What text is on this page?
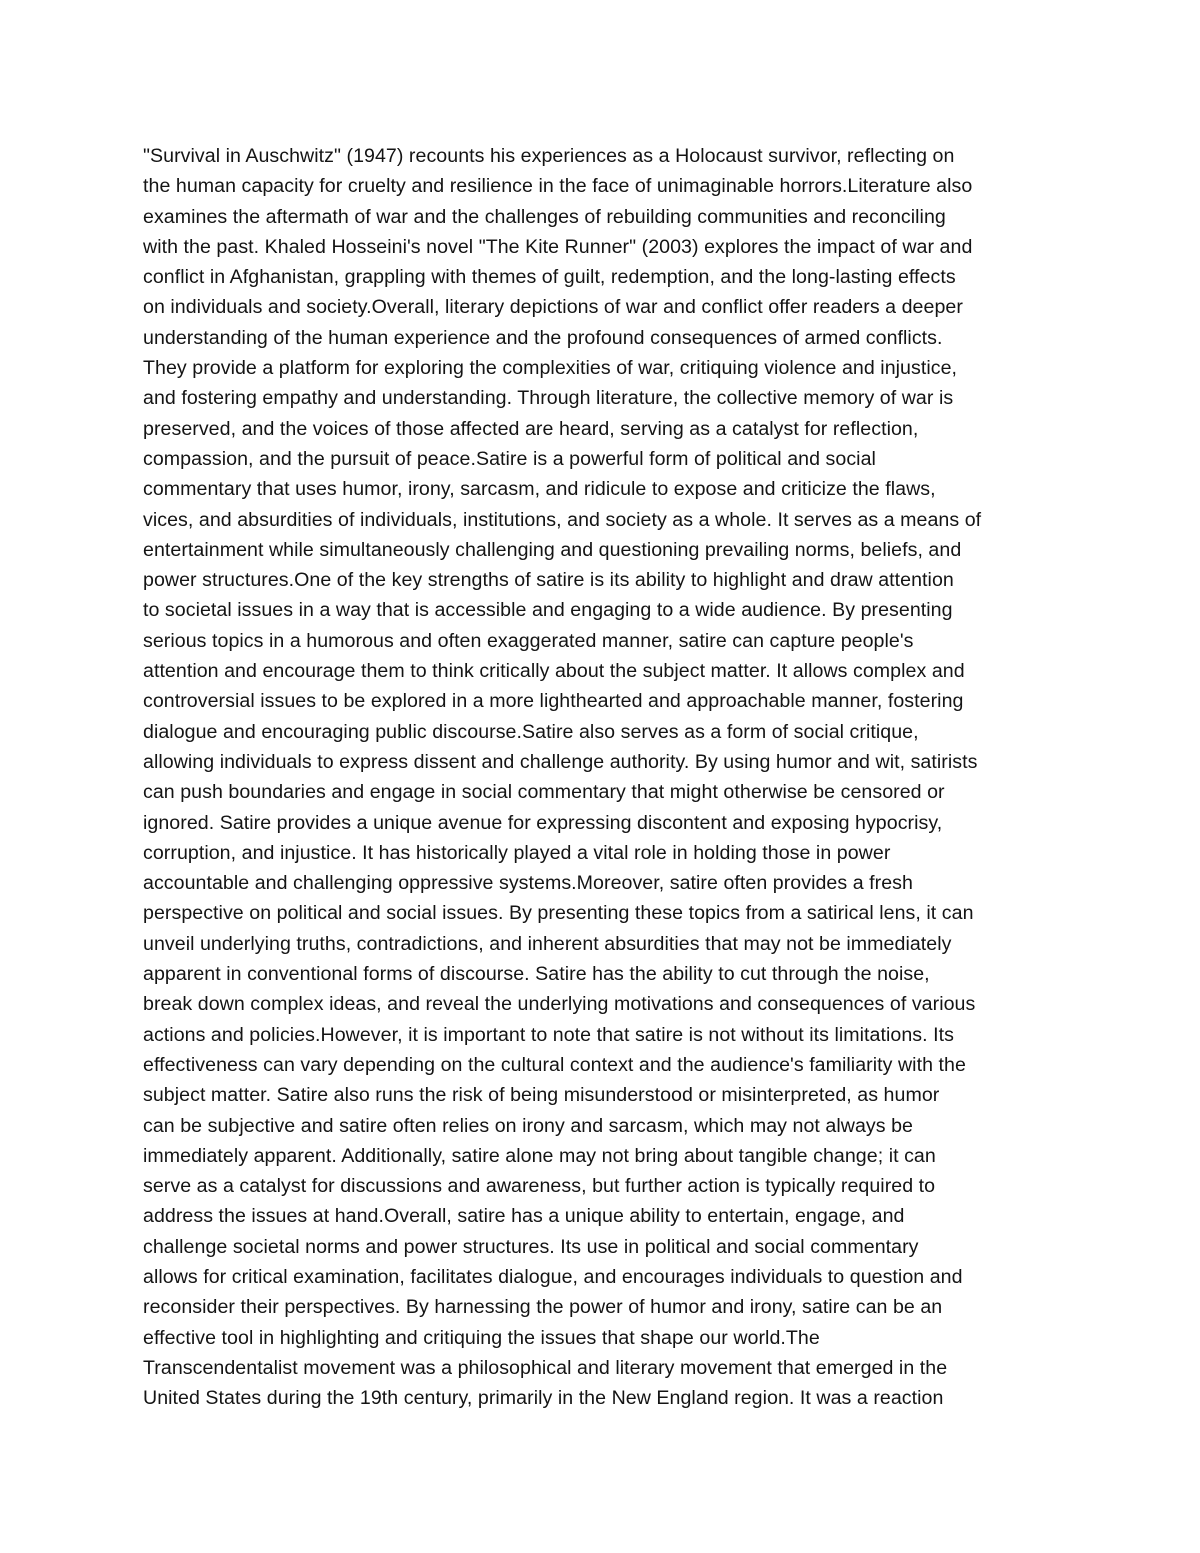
"Survival in Auschwitz" (1947) recounts his experiences as a Holocaust survivor, reflecting on
the human capacity for cruelty and resilience in the face of unimaginable horrors.Literature also
examines the aftermath of war and the challenges of rebuilding communities and reconciling
with the past. Khaled Hosseini's novel "The Kite Runner" (2003) explores the impact of war and
conflict in Afghanistan, grappling with themes of guilt, redemption, and the long-lasting effects
on individuals and society.Overall, literary depictions of war and conflict offer readers a deeper
understanding of the human experience and the profound consequences of armed conflicts.
They provide a platform for exploring the complexities of war, critiquing violence and injustice,
and fostering empathy and understanding. Through literature, the collective memory of war is
preserved, and the voices of those affected are heard, serving as a catalyst for reflection,
compassion, and the pursuit of peace.Satire is a powerful form of political and social
commentary that uses humor, irony, sarcasm, and ridicule to expose and criticize the flaws,
vices, and absurdities of individuals, institutions, and society as a whole. It serves as a means of
entertainment while simultaneously challenging and questioning prevailing norms, beliefs, and
power structures.One of the key strengths of satire is its ability to highlight and draw attention
to societal issues in a way that is accessible and engaging to a wide audience. By presenting
serious topics in a humorous and often exaggerated manner, satire can capture people's
attention and encourage them to think critically about the subject matter. It allows complex and
controversial issues to be explored in a more lighthearted and approachable manner, fostering
dialogue and encouraging public discourse.Satire also serves as a form of social critique,
allowing individuals to express dissent and challenge authority. By using humor and wit, satirists
can push boundaries and engage in social commentary that might otherwise be censored or
ignored. Satire provides a unique avenue for expressing discontent and exposing hypocrisy,
corruption, and injustice. It has historically played a vital role in holding those in power
accountable and challenging oppressive systems.Moreover, satire often provides a fresh
perspective on political and social issues. By presenting these topics from a satirical lens, it can
unveil underlying truths, contradictions, and inherent absurdities that may not be immediately
apparent in conventional forms of discourse. Satire has the ability to cut through the noise,
break down complex ideas, and reveal the underlying motivations and consequences of various
actions and policies.However, it is important to note that satire is not without its limitations. Its
effectiveness can vary depending on the cultural context and the audience's familiarity with the
subject matter. Satire also runs the risk of being misunderstood or misinterpreted, as humor
can be subjective and satire often relies on irony and sarcasm, which may not always be
immediately apparent. Additionally, satire alone may not bring about tangible change; it can
serve as a catalyst for discussions and awareness, but further action is typically required to
address the issues at hand.Overall, satire has a unique ability to entertain, engage, and
challenge societal norms and power structures. Its use in political and social commentary
allows for critical examination, facilitates dialogue, and encourages individuals to question and
reconsider their perspectives. By harnessing the power of humor and irony, satire can be an
effective tool in highlighting and critiquing the issues that shape our world.The
Transcendentalist movement was a philosophical and literary movement that emerged in the
United States during the 19th century, primarily in the New England region. It was a reaction
